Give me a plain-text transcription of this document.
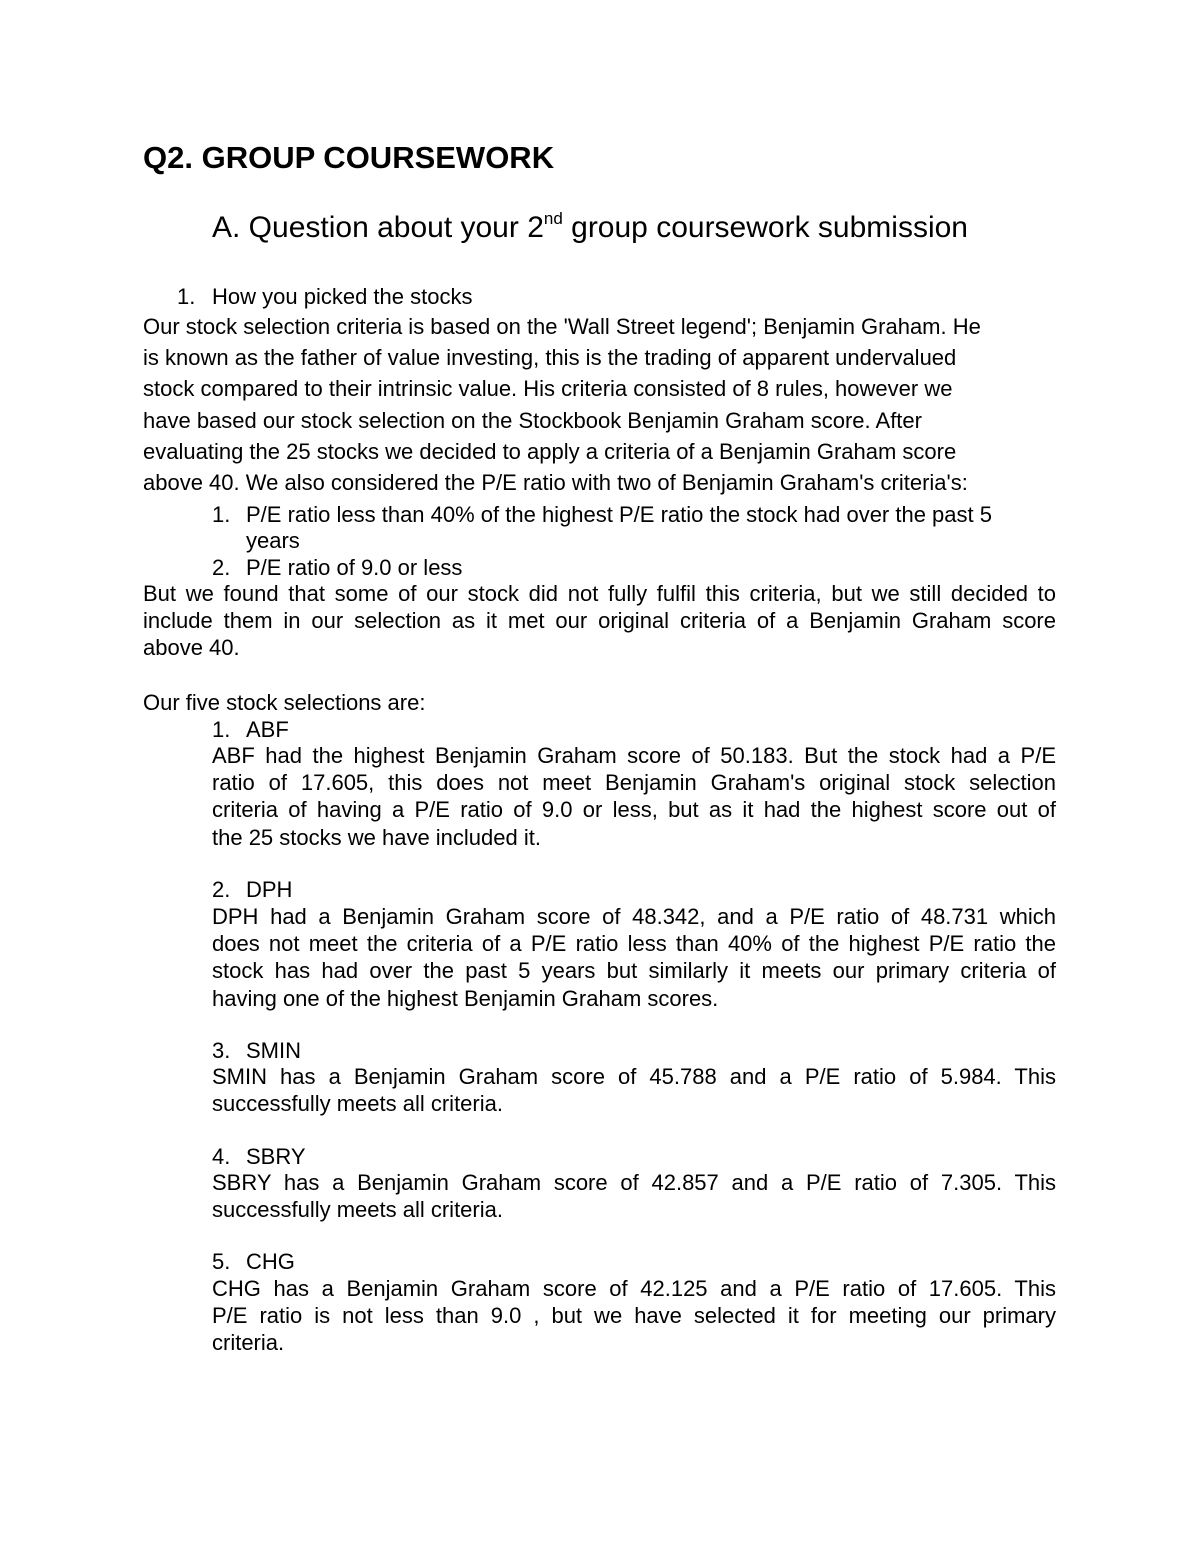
Q2. GROUP COURSEWORK
A. Question about your 2nd group coursework submission
1. How you picked the stocks
Our stock selection criteria is based on the 'Wall Street legend'; Benjamin Graham. He
is known as the father of value investing, this is the trading of apparent undervalued
stock compared to their intrinsic value. His criteria consisted of 8 rules, however we
have based our stock selection on the Stockbook Benjamin Graham score. After
evaluating the 25 stocks we decided to apply a criteria of a Benjamin Graham score
above 40. We also considered the P/E ratio with two of Benjamin Graham's criteria's:
1. P/E ratio less than 40% of the highest P/E ratio the stock had over the past 5
years
2. P/E ratio of 9.0 or less
But we found that some of our stock did not fully fulfil this criteria, but we still decided to
include them in our selection as it met our original criteria of a Benjamin Graham score
above 40.
Our five stock selections are:
1. ABF
ABF had the highest Benjamin Graham score of 50.183. But the stock had a P/E
ratio of 17.605, this does not meet Benjamin Graham's original stock selection
criteria of having a P/E ratio of 9.0 or less, but as it had the highest score out of
the 25 stocks we have included it.
2. DPH
DPH had a Benjamin Graham score of 48.342, and a P/E ratio of 48.731 which
does not meet the criteria of a P/E ratio less than 40% of the highest P/E ratio the
stock has had over the past 5 years but similarly it meets our primary criteria of
having one of the highest Benjamin Graham scores.
3. SMIN
SMIN has a Benjamin Graham score of 45.788 and a P/E ratio of 5.984. This
successfully meets all criteria.
4. SBRY
SBRY has a Benjamin Graham score of 42.857 and a P/E ratio of 7.305. This
successfully meets all criteria.
5. CHG
CHG has a Benjamin Graham score of 42.125 and a P/E ratio of 17.605. This
P/E ratio is not less than 9.0 , but we have selected it for meeting our primary
criteria.
